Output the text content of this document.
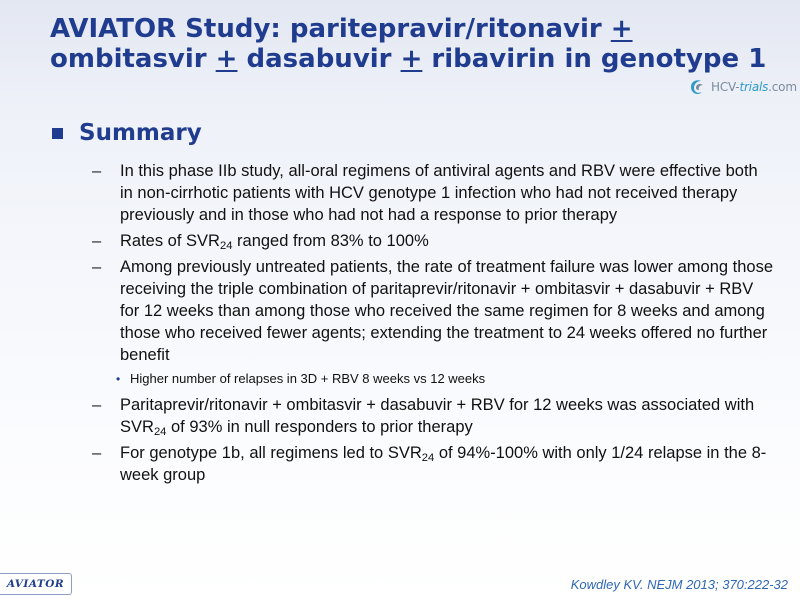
AVIATOR Study: paritepravir/ritonavir +
ombitasvir + dasabuvir + ribavirin in genotype 1
HCV-trials.com
Summary
– In this phase IIb study, all-oral regimens of antiviral agents and RBV were effective both in non-cirrhotic patients with HCV genotype 1 infection who had not received therapy previously and in those who had not had a response to prior therapy
– Rates of $SVR_{24}$ ranged from 83% to 100%
– Among previously untreated patients, the rate of treatment failure was lower among those receiving the triple combination of paritaprevir/ritonavir + ombitasvir + dasabuvir + RBV for 12 weeks than among those who received the same regimen for 8 weeks and among those who received fewer agents; extending the treatment to 24 weeks offered no further benefit
• Higher number of relapses in 3D + RBV 8 weeks vs 12 weeks
– Paritaprevir/ritonavir + ombitasvir + dasabuvir + RBV for 12 weeks was associated with $SVR_{24}$ of 93% in null responders to prior therapy
– For genotype 1b, all regimens led to $SVR_{24}$ of 94%-100% with only 1/24 relapse in the 8-week group
AVIATOR	Kowdley KV. NEJM 2013; 370:222-32
